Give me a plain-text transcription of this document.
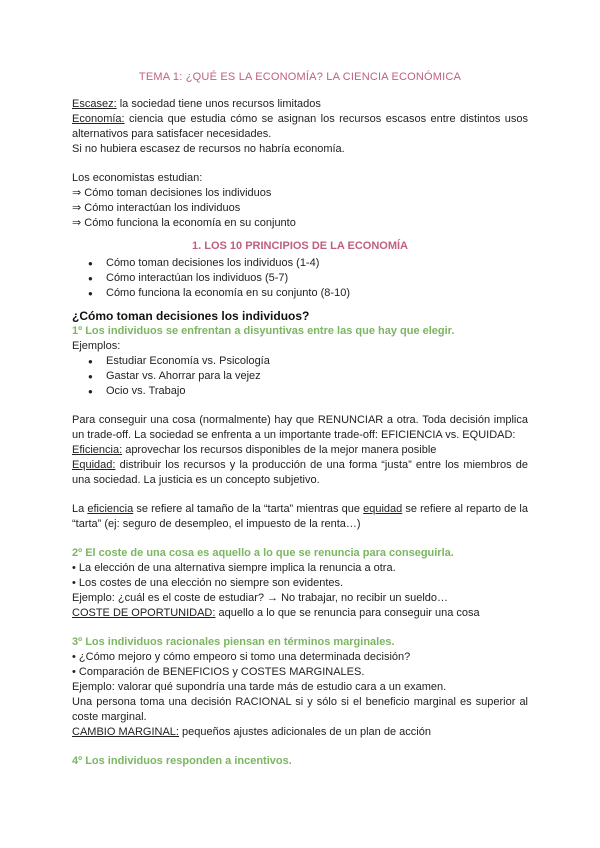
TEMA 1: ¿QUÉ ES LA ECONOMÍA? LA CIENCIA ECONÓMICA

Escasez: la sociedad tiene unos recursos limitados

Economía: ciencia que estudia cómo se asignan los recursos escasos entre distintos usos alternativos para satisfacer necesidades.

Si no hubiera escasez de recursos no habría economía.

Los economistas estudian:

⇒ Cómo toman decisiones los individuos

⇒ Cómo interactúan los individuos

⇒ Cómo funciona la economía en su conjunto

1. LOS 10 PRINCIPIOS DE LA ECONOMÍA

● Cómo toman decisiones los individuos (1-4)
● Cómo interactúan los individuos (5-7)
● Cómo funciona la economía en su conjunto (8-10)

¿Cómo toman decisiones los individuos?

1º Los individuos se enfrentan a disyuntivas entre las que hay que elegir.

Ejemplos:

● Estudiar Economía vs. Psicología
● Gastar vs. Ahorrar para la vejez
● Ocio vs. Trabajo

Para conseguir una cosa (normalmente) hay que RENUNCIAR a otra. Toda decisión implica un trade-off. La sociedad se enfrenta a un importante trade-off: EFICIENCIA vs. EQUIDAD:

Eficiencia: aprovechar los recursos disponibles de la mejor manera posible

Equidad: distribuir los recursos y la producción de una forma “justa” entre los miembros de una sociedad. La justicia es un concepto subjetivo.

La eficiencia se refiere al tamaño de la “tarta” mientras que equidad se refiere al reparto de la “tarta” (ej: seguro de desempleo, el impuesto de la renta…)

2º El coste de una cosa es aquello a lo que se renuncia para conseguirla.

• La elección de una alternativa siempre implica la renuncia a otra.

• Los costes de una elección no siempre son evidentes.

Ejemplo: ¿cuál es el coste de estudiar? → No trabajar, no recibir un sueldo…

COSTE DE OPORTUNIDAD: aquello a lo que se renuncia para conseguir una cosa

3º Los individuos racionales piensan en términos marginales.

• ¿Cómo mejoro y cómo empeoro si tomo una determinada decisión?

• Comparación de BENEFICIOS y COSTES MARGINALES.

Ejemplo: valorar qué supondría una tarde más de estudio cara a un examen.

Una persona toma una decisión RACIONAL si y sólo si el beneficio marginal es superior al coste marginal.

CAMBIO MARGINAL: pequeños ajustes adicionales de un plan de acción

4º Los individuos responden a incentivos.
